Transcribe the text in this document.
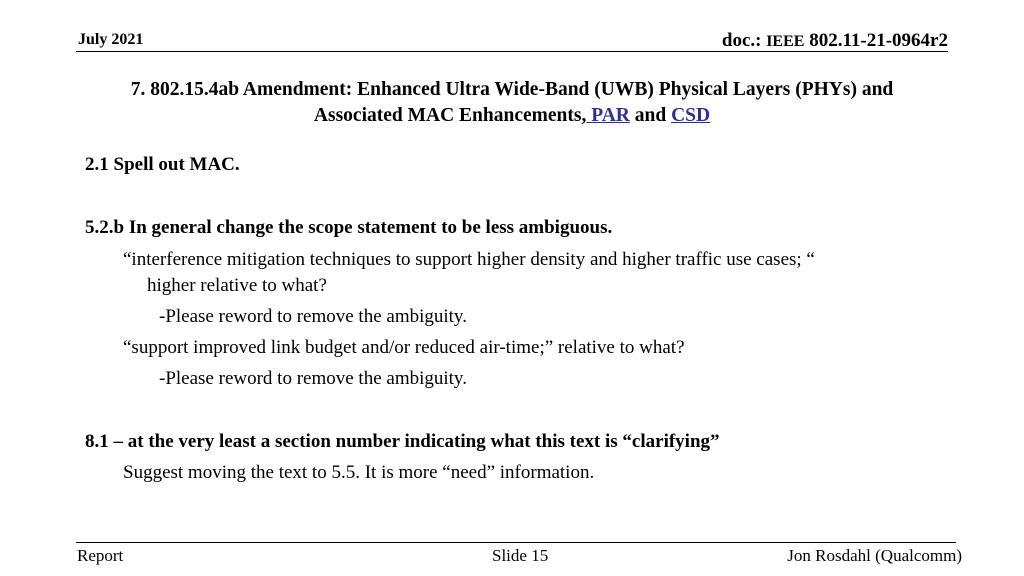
July 2021	doc.: IEEE 802.11-21-0964r2
7. 802.15.4ab Amendment: Enhanced Ultra Wide-Band (UWB) Physical Layers (PHYs) and
Associated MAC Enhancements, PAR and CSD
2.1 Spell out MAC.
5.2.b In general change the scope statement to be less ambiguous.
“interference mitigation techniques to support higher density and higher traffic use cases; “
higher relative to what?
-Please reword to remove the ambiguity.
“support improved link budget and/or reduced air-time;” relative to what?
-Please reword to remove the ambiguity.
8.1 – at the very least a section number indicating what this text is “clarifying”
Suggest moving the text to 5.5. It is more “need” information.
Report	Slide 15	Jon Rosdahl (Qualcomm)
